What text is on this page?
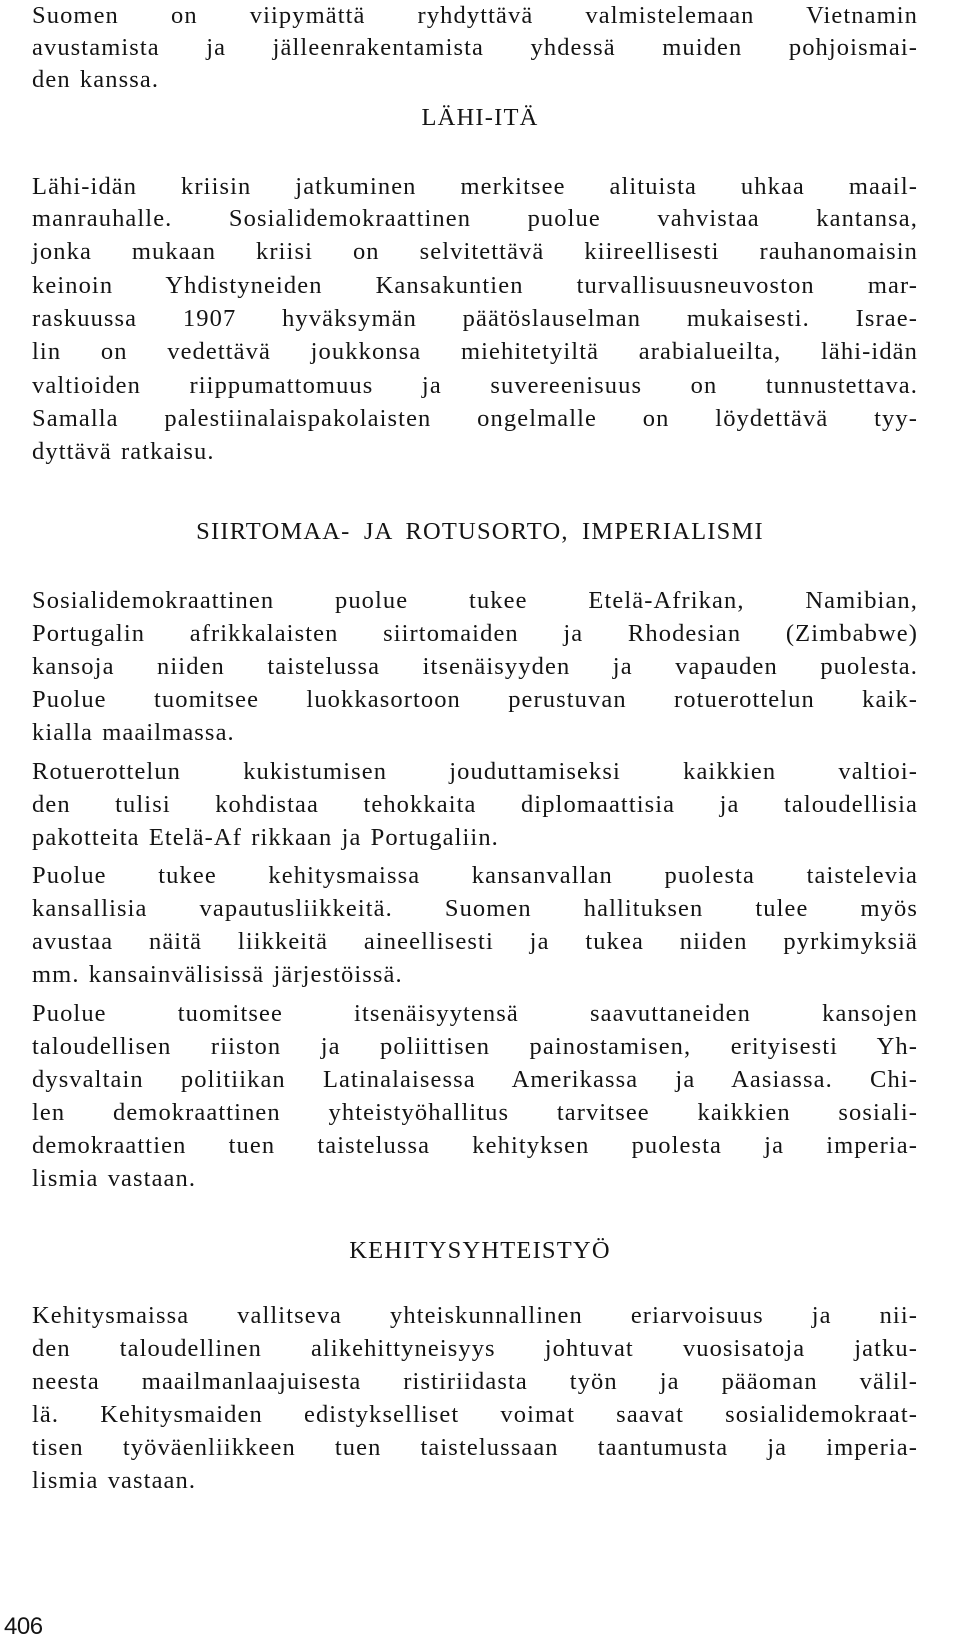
Suomen on viipymättä ryhdyttävä valmistelemaan Vietnamin

avustamista ja jälleenrakentamista yhdessä muiden pohjoismai-

den kanssa.

LÄHI-ITÄ

Lähi-idän kriisin jatkuminen merkitsee alituista uhkaa maail-

manrauhalle. Sosialidemokraattinen puolue vahvistaa kantansa,

jonka mukaan kriisi on selvitettävä kiireellisesti rauhanomaisin

keinoin Yhdistyneiden Kansakuntien turvallisuusneuvoston mar-

raskuussa 1907 hyväksymän päätöslauselman mukaisesti. Israe-

lin on vedettävä joukkonsa miehitetyiltä arabialueilta, lähi-idän

valtioiden riippumattomuus ja suvereenisuus on tunnustettava.

Samalla palestiinalaispakolaisten ongelmalle on löydettävä tyy-

dyttävä ratkaisu.

SIIRTOMAA- JA ROTUSORTO, IMPERIALISMI

Sosialidemokraattinen puolue tukee Etelä-Afrikan, Namibian,

Portugalin afrikkalaisten siirtomaiden ja Rhodesian (Zimbabwe)

kansoja niiden taistelussa itsenäisyyden ja vapauden puolesta.

Puolue tuomitsee luokkasortoon perustuvan rotuerottelun kaik-

kialla maailmassa.

Rotuerottelun kukistumisen jouduttamiseksi kaikkien valtioi-

den tulisi kohdistaa tehokkaita diplomaattisia ja taloudellisia

pakotteita Etelä-Af rikkaan ja Portugaliin.

Puolue tukee kehitysmaissa kansanvallan puolesta taistelevia

kansallisia vapautusliikkeitä. Suomen hallituksen tulee myös

avustaa näitä liikkeitä aineellisesti ja tukea niiden pyrkimyksiä

mm. kansainvälisissä järjestöissä.

Puolue tuomitsee itsenäisyytensä saavuttaneiden kansojen

taloudellisen riiston ja poliittisen painostamisen, erityisesti Yh-

dysvaltain politiikan Latinalaisessa Amerikassa ja Aasiassa. Chi-

len demokraattinen yhteistyöhallitus tarvitsee kaikkien sosiali-

demokraattien tuen taistelussa kehityksen puolesta ja imperia-

lismia vastaan.

KEHITYSYHTEISTYÖ

Kehitysmaissa vallitseva yhteiskunnallinen eriarvoisuus ja nii-

den taloudellinen alikehittyneisyys johtuvat vuosisatoja jatku-

neesta maailmanlaajuisesta ristiriidasta työn ja pääoman välil-

lä. Kehitysmaiden edistykselliset voimat saavat sosialidemokraat-

tisen työväenliikkeen tuen taistelussaan taantumusta ja imperia-

lismia vastaan.

406
